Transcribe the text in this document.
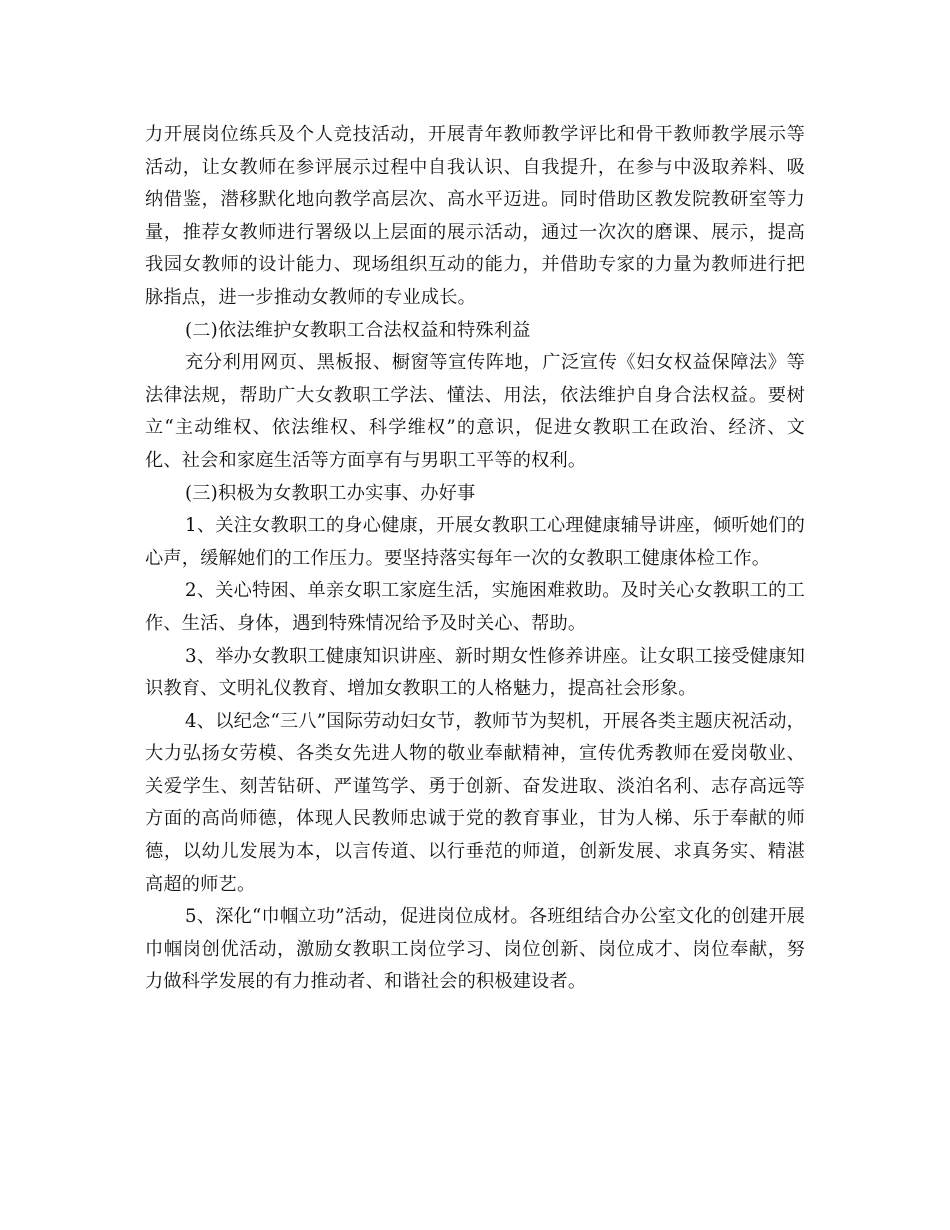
力开展岗位练兵及个人竞技活动，开展青年教师教学评比和骨干教师教学展示等活动，让女教师在参评展示过程中自我认识、自我提升，在参与中汲取养料、吸纳借鉴，潜移默化地向教学高层次、高水平迈进。同时借助区教发院教研室等力量，推荐女教师进行署级以上层面的展示活动，通过一次次的磨课、展示，提高我园女教师的设计能力、现场组织互动的能力，并借助专家的力量为教师进行把脉指点，进一步推动女教师的专业成长。

(二)依法维护女教职工合法权益和特殊利益

充分利用网页、黑板报、橱窗等宣传阵地，广泛宣传《妇女权益保障法》等法律法规，帮助广大女教职工学法、懂法、用法，依法维护自身合法权益。要树立“主动维权、依法维权、科学维权”的意识，促进女教职工在政治、经济、文化、社会和家庭生活等方面享有与男职工平等的权利。

(三)积极为女教职工办实事、办好事

1、关注女教职工的身心健康，开展女教职工心理健康辅导讲座，倾听她们的心声，缓解她们的工作压力。要坚持落实每年一次的女教职工健康体检工作。

2、关心特困、单亲女职工家庭生活，实施困难救助。及时关心女教职工的工作、生活、身体，遇到特殊情况给予及时关心、帮助。

3、举办女教职工健康知识讲座、新时期女性修养讲座。让女职工接受健康知识教育、文明礼仪教育、增加女教职工的人格魅力，提高社会形象。

4、以纪念“三八”国际劳动妇女节，教师节为契机，开展各类主题庆祝活动，大力弘扬女劳模、各类女先进人物的敬业奉献精神，宣传优秀教师在爱岗敬业、关爱学生、刻苦钻研、严谨笃学、勇于创新、奋发进取、淡泊名利、志存高远等方面的高尚师德，体现人民教师忠诚于党的教育事业，甘为人梯、乐于奉献的师德，以幼儿发展为本，以言传道、以行垂范的师道，创新发展、求真务实、精湛高超的师艺。

5、深化“巾帼立功”活动，促进岗位成材。各班组结合办公室文化的创建开展巾帼岗创优活动，激励女教职工岗位学习、岗位创新、岗位成才、岗位奉献，努力做科学发展的有力推动者、和谐社会的积极建设者。
